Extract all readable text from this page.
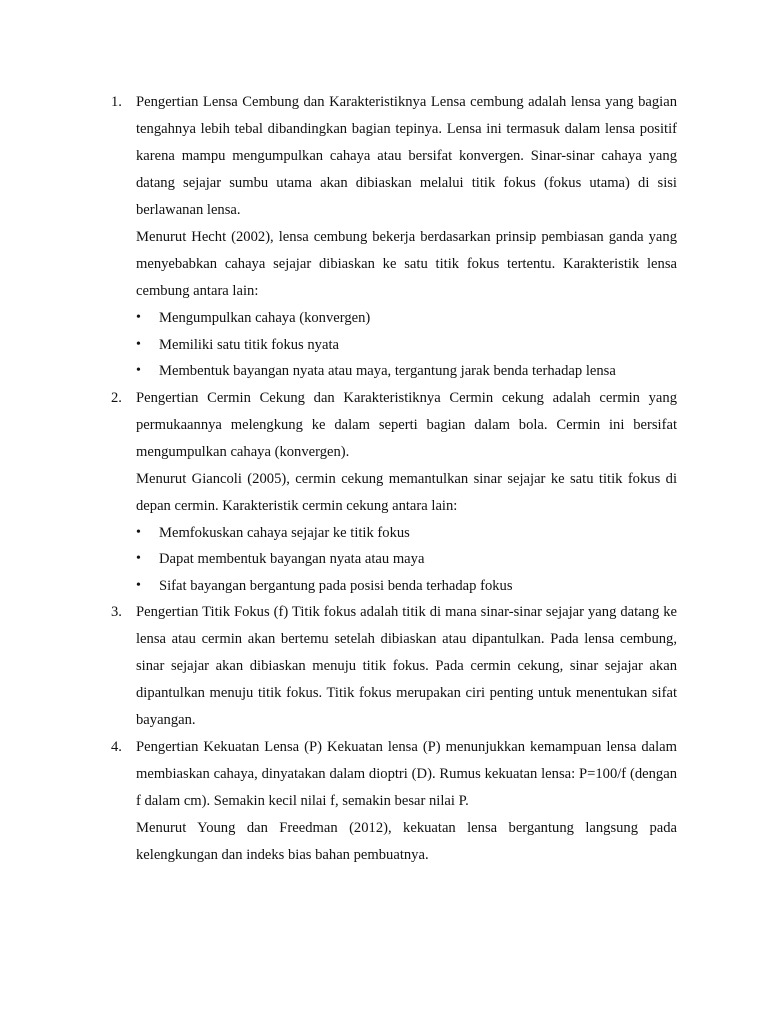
1. Pengertian Lensa Cembung dan Karakteristiknya Lensa cembung adalah lensa yang bagian tengahnya lebih tebal dibandingkan bagian tepinya. Lensa ini termasuk dalam lensa positif karena mampu mengumpulkan cahaya atau bersifat konvergen. Sinar-sinar cahaya yang datang sejajar sumbu utama akan dibiaskan melalui titik fokus (fokus utama) di sisi berlawanan lensa.

Menurut Hecht (2002), lensa cembung bekerja berdasarkan prinsip pembiasan ganda yang menyebabkan cahaya sejajar dibiaskan ke satu titik fokus tertentu. Karakteristik lensa cembung antara lain:

• Mengumpulkan cahaya (konvergen)
• Memiliki satu titik fokus nyata
• Membentuk bayangan nyata atau maya, tergantung jarak benda terhadap lensa
2. Pengertian Cermin Cekung dan Karakteristiknya Cermin cekung adalah cermin yang permukaannya melengkung ke dalam seperti bagian dalam bola. Cermin ini bersifat mengumpulkan cahaya (konvergen).

Menurut Giancoli (2005), cermin cekung memantulkan sinar sejajar ke satu titik fokus di depan cermin. Karakteristik cermin cekung antara lain:

• Memfokuskan cahaya sejajar ke titik fokus
• Dapat membentuk bayangan nyata atau maya
• Sifat bayangan bergantung pada posisi benda terhadap fokus
3. Pengertian Titik Fokus (f) Titik fokus adalah titik di mana sinar-sinar sejajar yang datang ke lensa atau cermin akan bertemu setelah dibiaskan atau dipantulkan. Pada lensa cembung, sinar sejajar akan dibiaskan menuju titik fokus. Pada cermin cekung, sinar sejajar akan dipantulkan menuju titik fokus. Titik fokus merupakan ciri penting untuk menentukan sifat bayangan.

4. Pengertian Kekuatan Lensa (P) Kekuatan lensa (P) menunjukkan kemampuan lensa dalam membiaskan cahaya, dinyatakan dalam dioptri (D). Rumus kekuatan lensa: P=100/f (dengan f dalam cm). Semakin kecil nilai f, semakin besar nilai P.

Menurut Young dan Freedman (2012), kekuatan lensa bergantung langsung pada kelengkungan dan indeks bias bahan pembuatnya.
